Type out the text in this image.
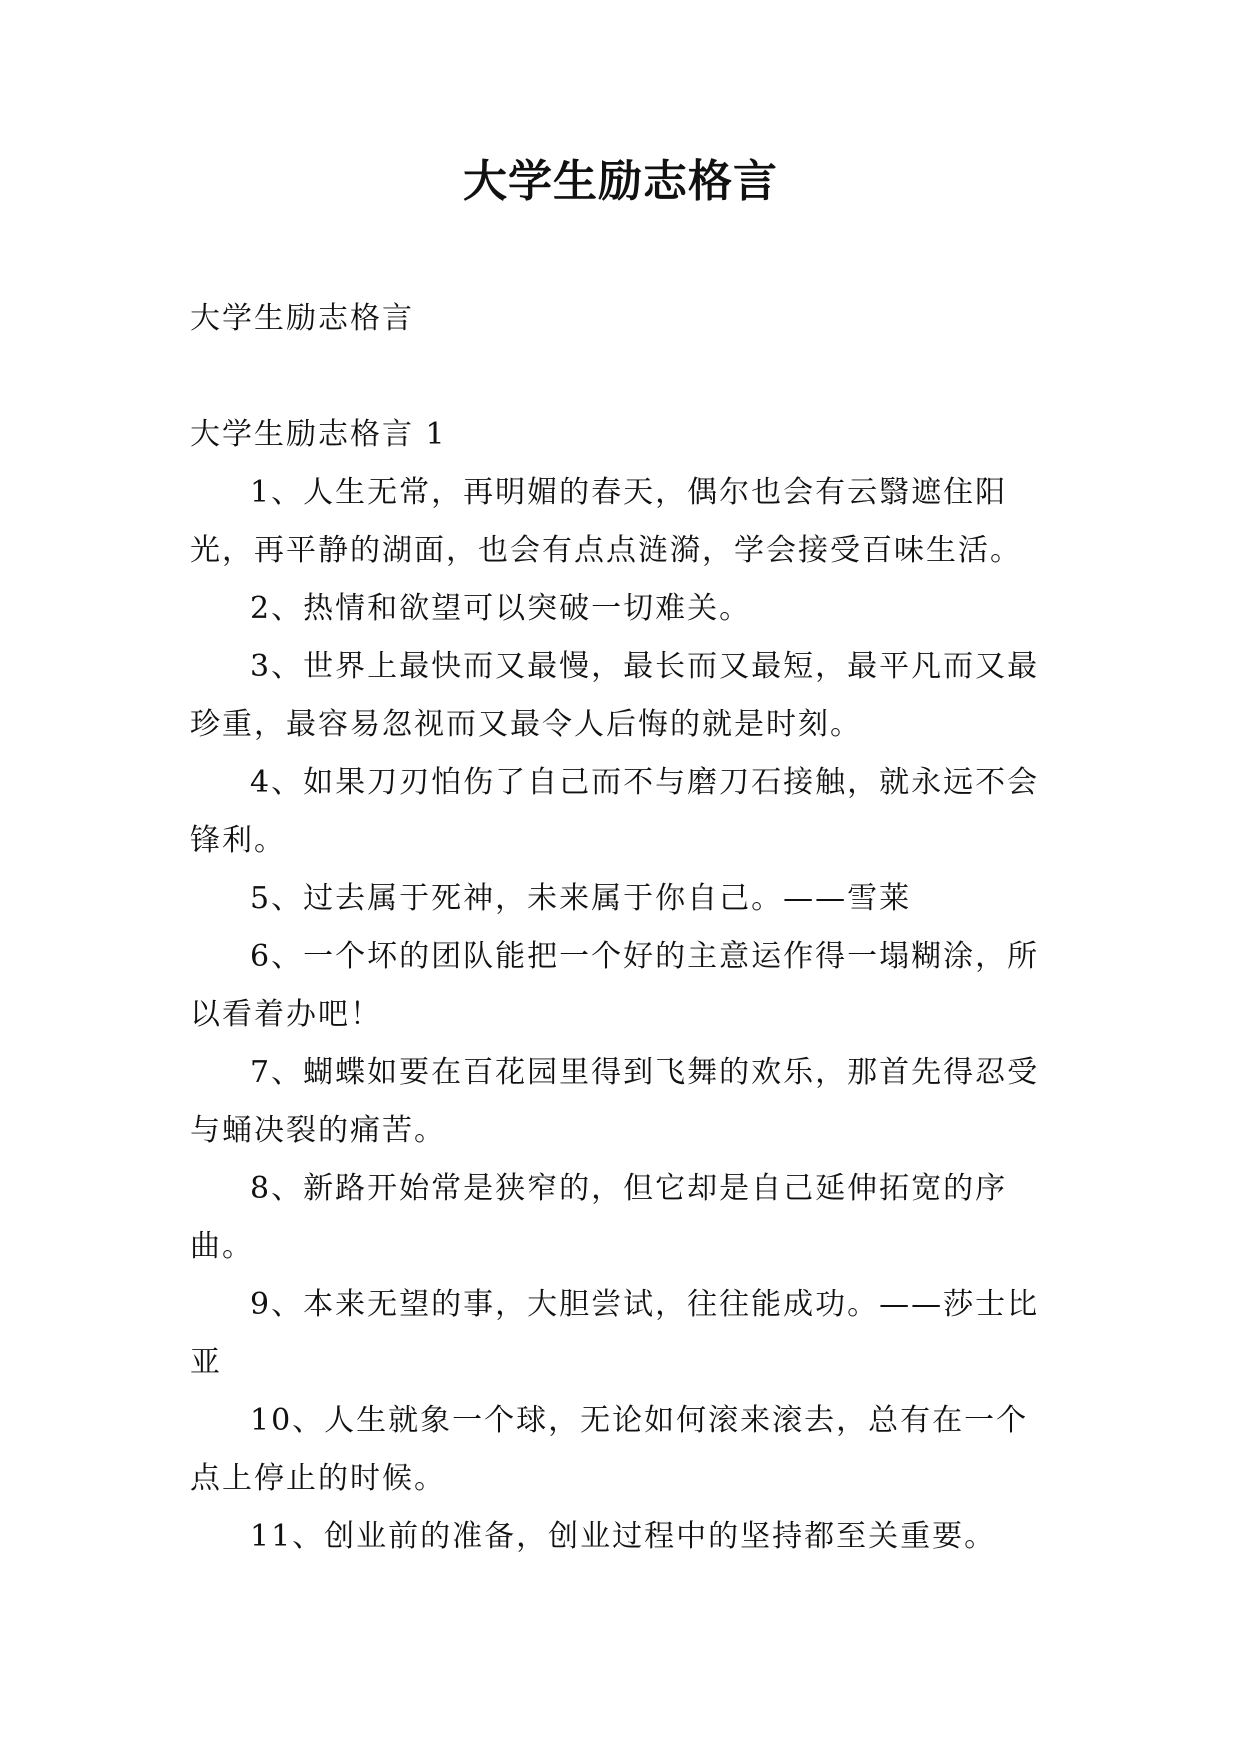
大学生励志格言

大学生励志格言

大学生励志格言 1

1、人生无常，再明媚的春天，偶尔也会有云翳遮住阳光，再平静的湖面，也会有点点涟漪，学会接受百味生活。

2、热情和欲望可以突破一切难关。

3、世界上最快而又最慢，最长而又最短，最平凡而又最珍重，最容易忽视而又最令人后悔的就是时刻。

4、如果刀刃怕伤了自己而不与磨刀石接触，就永远不会锋利。

5、过去属于死神，未来属于你自己。——雪莱

6、一个坏的团队能把一个好的主意运作得一塌糊涂，所以看着办吧！

7、蝴蝶如要在百花园里得到飞舞的欢乐，那首先得忍受与蛹决裂的痛苦。

8、新路开始常是狭窄的，但它却是自己延伸拓宽的序曲。

9、本来无望的事，大胆尝试，往往能成功。——莎士比亚

10、人生就象一个球，无论如何滚来滚去，总有在一个点上停止的时候。

11、创业前的准备，创业过程中的坚持都至关重要。
